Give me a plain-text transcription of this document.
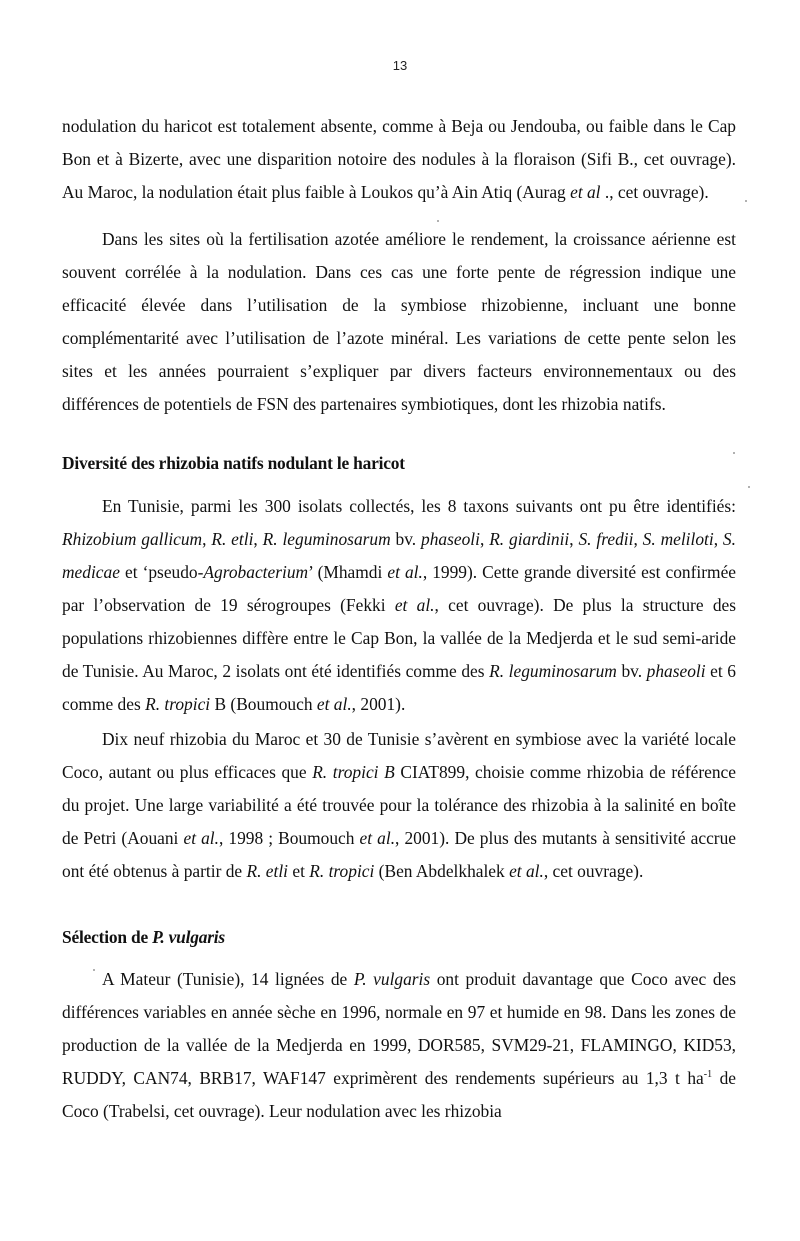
13

nodulation du haricot est totalement absente, comme à Beja ou Jendouba, ou faible dans le Cap Bon et à Bizerte, avec une disparition notoire des nodules à la floraison (Sifi B., cet ouvrage). Au Maroc, la nodulation était plus faible à Loukos qu’à Ain Atiq (Aurag et al ., cet ouvrage).

Dans les sites où la fertilisation azotée améliore le rendement, la croissance aérienne est souvent corrélée à la nodulation. Dans ces cas une forte pente de régression indique une efficacité élevée dans l’utilisation de la symbiose rhizobienne, incluant une bonne complémentarité avec l’utilisation de l’azote minéral. Les variations de cette pente selon les sites et les années pourraient s’expliquer par divers facteurs environnementaux ou des différences de potentiels de FSN des partenaires symbiotiques, dont les rhizobia natifs.

Diversité des rhizobia natifs nodulant le haricot

En Tunisie, parmi les 300 isolats collectés, les 8 taxons suivants ont pu être identifiés: Rhizobium gallicum, R. etli, R. leguminosarum bv. phaseoli, R. giardinii, S. fredii, S. meliloti, S. medicae et ‘pseudo-Agrobacterium’ (Mhamdi et al., 1999). Cette grande diversité est confirmée par l’observation de 19 sérogroupes (Fekki et al., cet ouvrage). De plus la structure des populations rhizobiennes diffère entre le Cap Bon, la vallée de la Medjerda et le sud semi-aride de Tunisie. Au Maroc, 2 isolats ont été identifiés comme des R. leguminosarum bv. phaseoli et 6 comme des R. tropici B (Boumouch et al., 2001).

Dix neuf rhizobia du Maroc et 30 de Tunisie s’avèrent en symbiose avec la variété locale Coco, autant ou plus efficaces que R. tropici B CIAT899, choisie comme rhizobia de référence du projet. Une large variabilité a été trouvée pour la tolérance des rhizobia à la salinité en boîte de Petri (Aouani et al., 1998 ; Boumouch et al., 2001). De plus des mutants à sensitivité accrue ont été obtenus à partir de R. etli et R. tropici (Ben Abdelkhalek et al., cet ouvrage).

Sélection de P. vulgaris

A Mateur (Tunisie), 14 lignées de P. vulgaris ont produit davantage que Coco avec des différences variables en année sèche en 1996, normale en 97 et humide en 98. Dans les zones de production de la vallée de la Medjerda en 1999, DOR585, SVM29-21, FLAMINGO, KID53, RUDDY, CAN74, BRB17, WAF147 exprimèrent des rendements supérieurs au 1,3 t $ha^{-1}$ de Coco (Trabelsi, cet ouvrage). Leur nodulation avec les rhizobia
